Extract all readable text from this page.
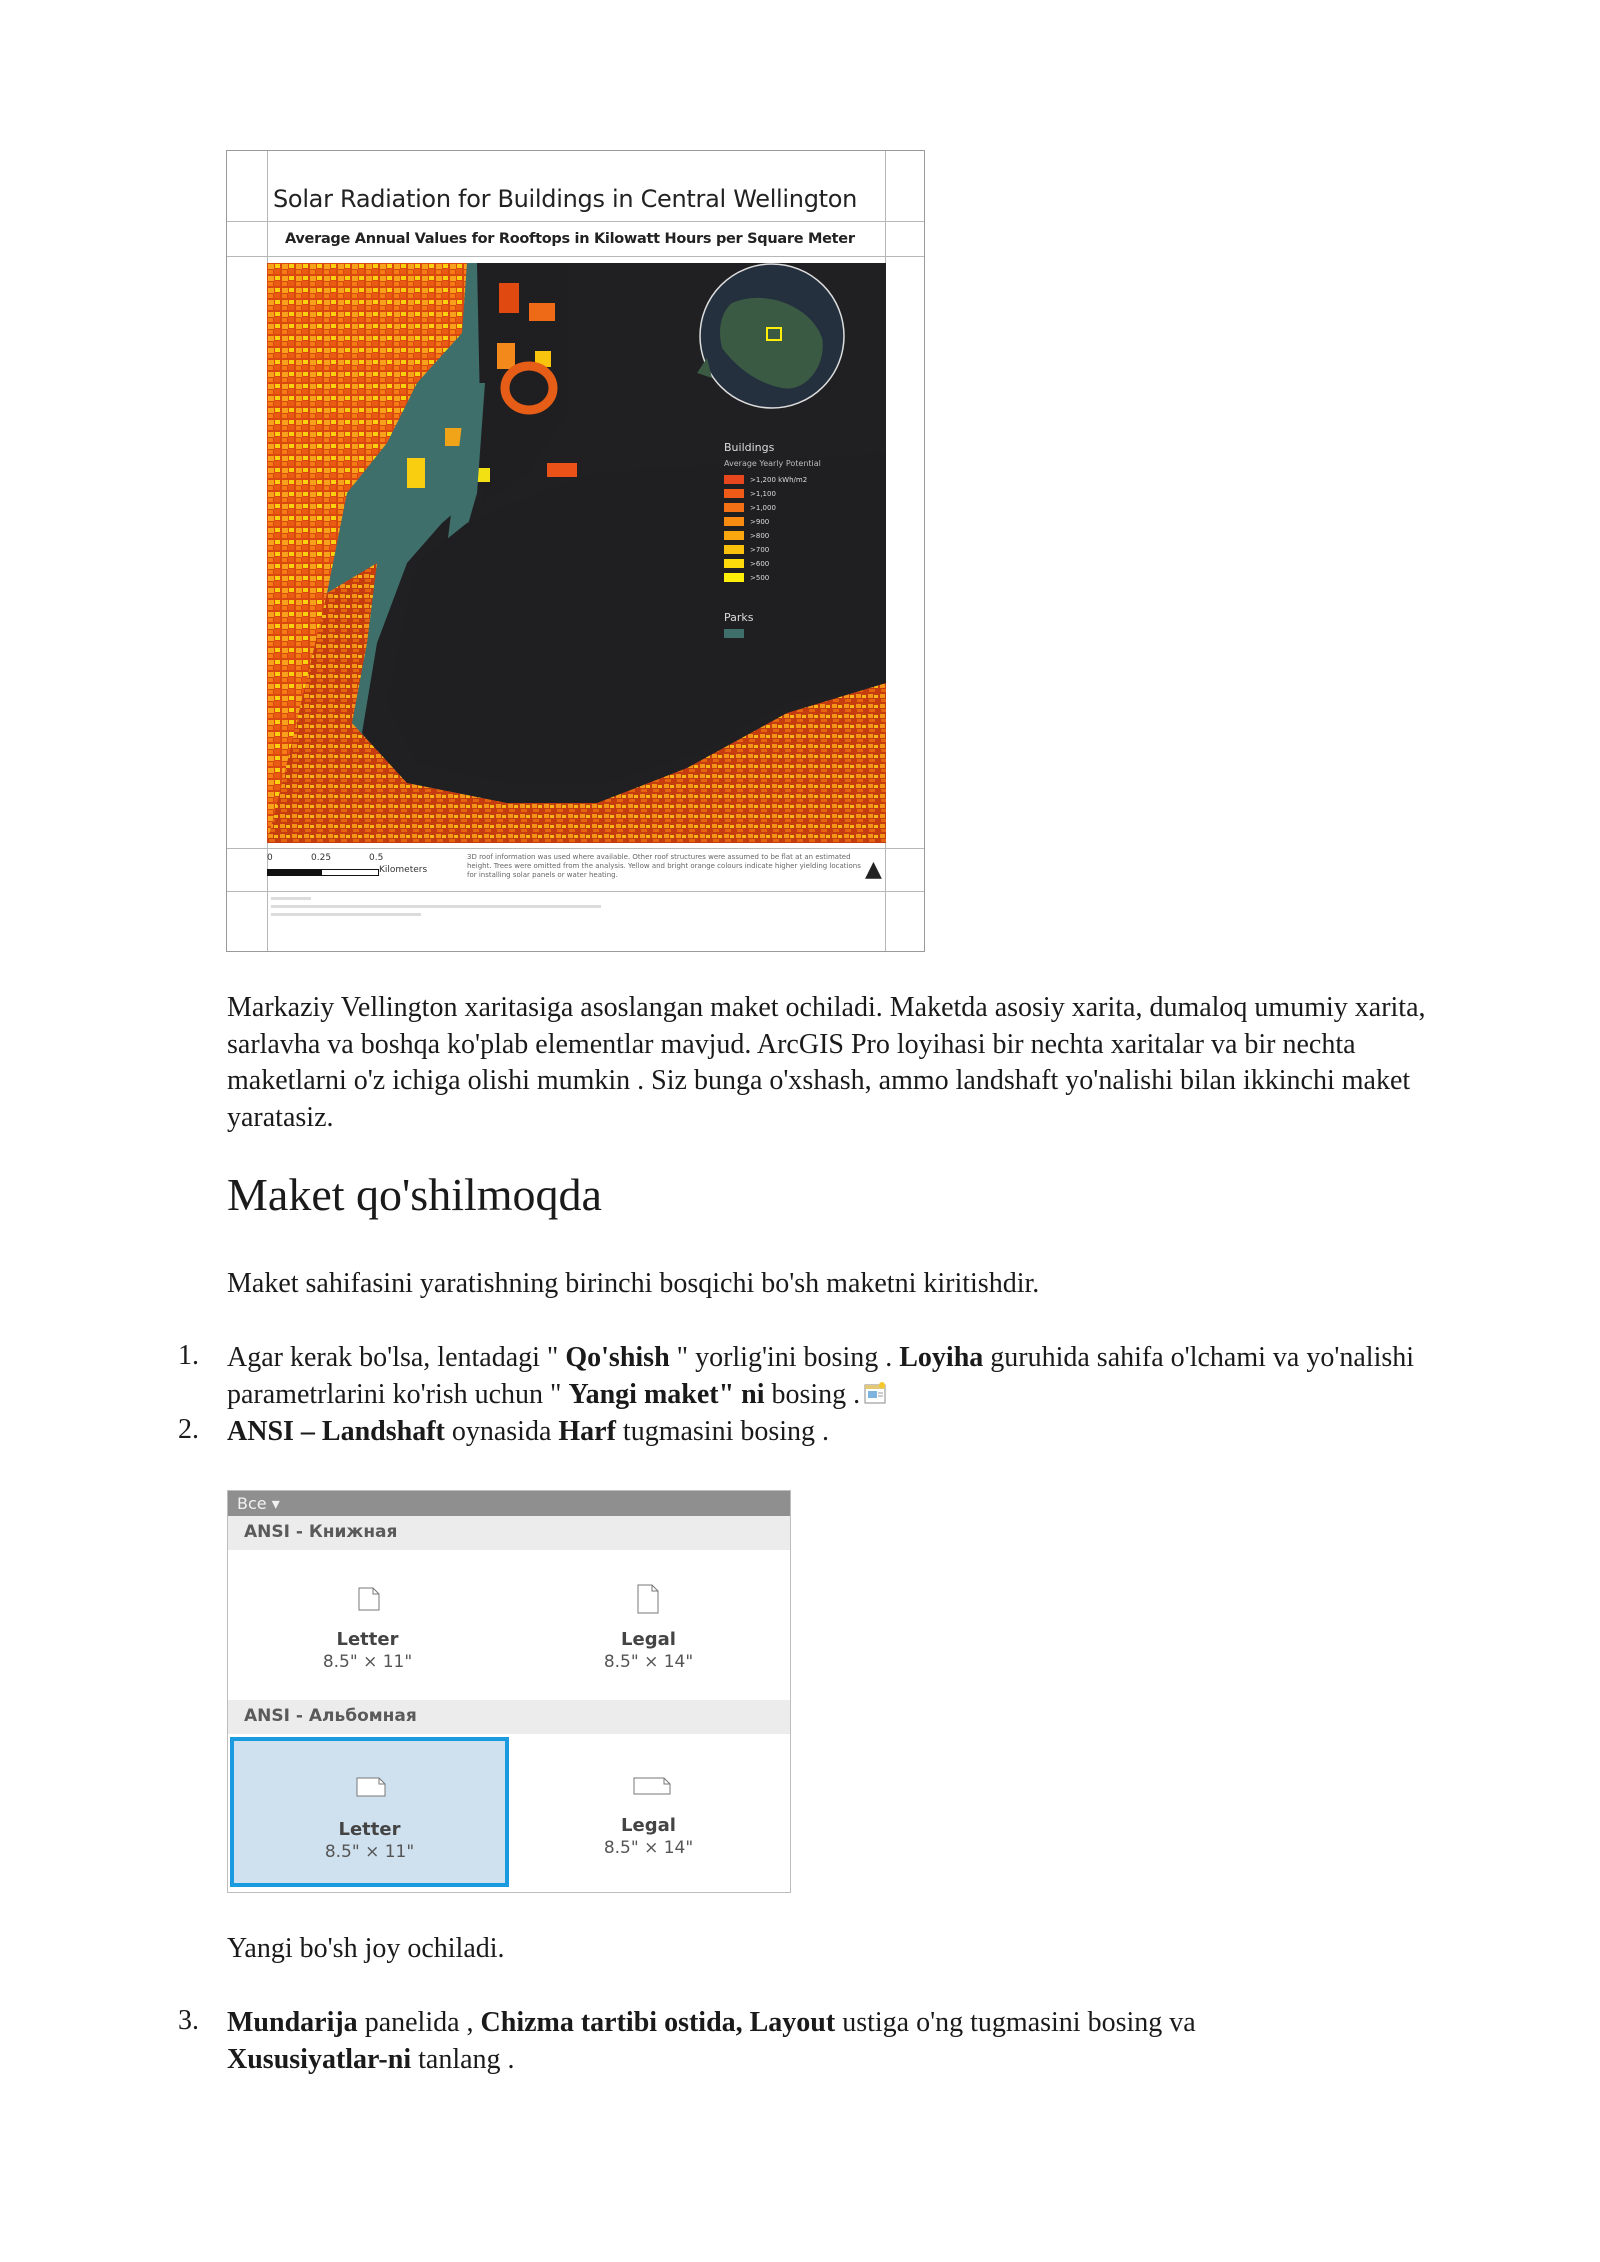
Solar Radiation for Buildings in Central Wellington
Average Annual Values for Rooftops in Kilowatt Hours per Square Meter
Buildings
Average Yearly Potential
>1,200 kWh/m2
>1,100
>1,000
>900
>800
>700
>600
>500
Parks
0	0.25	0.5
Kilometers
3D roof information was used where available. Other roof structures were assumed to be flat at an estimated height. Trees were omitted from the analysis. Yellow and bright orange colours indicate higher yielding locations for installing solar panels or water heating.	▲
Markaziy Vellington xaritasiga asoslangan maket ochiladi. Maketda asosiy xarita, dumaloq umumiy xarita, sarlavha va boshqa ko'plab elementlar mavjud. ArcGIS Pro loyihasi bir nechta xaritalar va bir nechta maketlarni o'z ichiga olishi mumkin . Siz bunga o'xshash, ammo landshaft yo'nalishi bilan ikkinchi maket yaratasiz.
Maket qo'shilmoqda
Maket sahifasini yaratishning birinchi bosqichi bo'sh maketni kiritishdir.
1. Agar kerak bo'lsa, lentadagi " Qo'shish " yorlig'ini bosing . Loyiha guruhida sahifa o'lchami va yo'nalishi parametrlarini ko'rish uchun " Yangi maket" ni bosing .
2. ANSI – Landshaft oynasida Harf tugmasini bosing .
Все ▾
ANSI - Книжная
Letter
8.5" × 11"
Legal
8.5" × 14"
ANSI - Альбомная
Letter
8.5" × 11"
Legal
8.5" × 14"
Yangi bo'sh joy ochiladi.
3. Mundarija panelida , Chizma tartibi ostida, Layout ustiga o'ng tugmasini bosing va Xususiyatlar-ni tanlang .
